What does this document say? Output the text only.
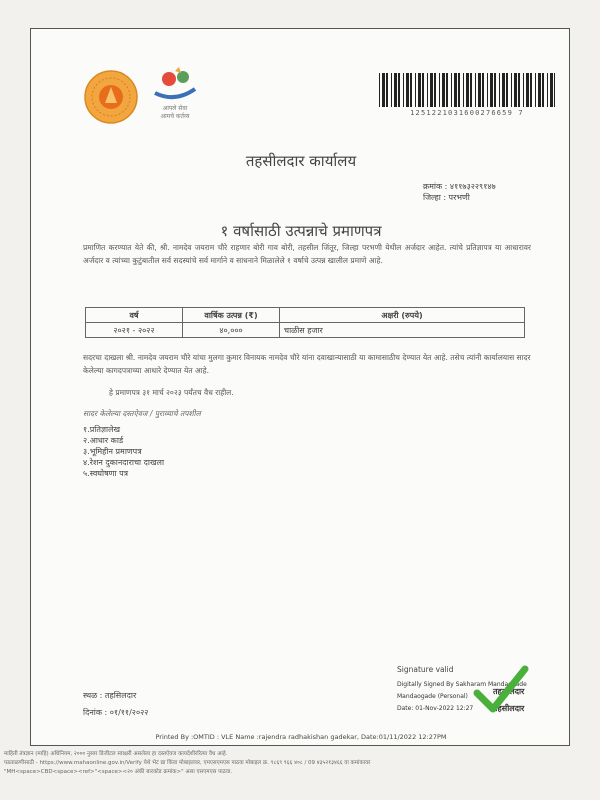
आपले सेवा
आमचे कर्तव्य	1251221031600276659 7
तहसीलदार कार्यालय
क्रमांक : ४११७३२२९१४७
जिल्हा : परभणी
१ वर्षासाठी उत्पन्नाचे प्रमाणपत्र
प्रमाणित करण्यात येते की, श्री. नामदेव जयराम चौरे राहणार बोरी गाव बोरी, तहसील जिंतूर, जिल्हा परभणी येथील अर्जदार आहेत. त्यांचे प्रतिज्ञापत्र या आधारावर अर्जदार व त्यांच्या कुटुंबातील सर्व सदस्यांचे सर्व मार्गाने व साधनाने मिळालेले १ वर्षाचे उत्पन्न खालील प्रमाणे आहे.
वर्ष	वार्षिक उत्पन्न (₹)	अक्षरी (रुपये)
२०२१ - २०२२	४०,०००	चाळीस हजार
सदरचा दाखला श्री. नामदेव जयराम चौरे यांचा मुलगा कुमार विनायक नामदेव चौरे यांना दवाखान्यासाठी या कामासाठीच देण्यात येत आहे. तसेच त्यांनी कार्यालयास सादर केलेल्या कागदपत्राच्या आधारे देण्यात येत आहे.
हे प्रमाणपत्र ३१ मार्च २०२३ पर्यंतच वैध राहील.
सादर केलेल्या दस्तऐवज / पुराव्याचे तपशील
१.प्रतिज्ञालेख
२.आधार कार्ड
३.भूमिहीन प्रमाणपत्र
४.रेशन दुकानदाराचा दाखला
५.स्वघोषणा पत्र
Signature valid
Digitally Signed By Sakharam Mandaogade
Mandaogade (Personal)
Date: 01-Nov-2022 12:27
तहसीलदार
तहसीलदार
स्थळ : तहसिलदार
दिनांक : ०१/११/२०२२
Printed By :OMTID : VLE Name :rajendra radhakishan gadekar, Date:01/11/2022 12:27PM
माहिती तंत्रज्ञान (माहि) अधिनियम, २००० नुसार डिजीटल स्वाक्षरी असलेला हा दस्तऐवज कायदेशीररित्या वैध आहे.
पडताळणीसाठी - https://www.mahaonline.gov.in/Verify येथे भेट द्या किंवा मोबाइलवर, एमएसएमएस पाठवा मोबाइल क्र. ९८६९ ९६६ ४०८ / 09 ४३५२१३४६६ वा कमांकावर
"MH<space>CBD<space><ref>"<space><२० अंकी बारकोड क्रमांक>" असा एसएमएस पाठवा.
